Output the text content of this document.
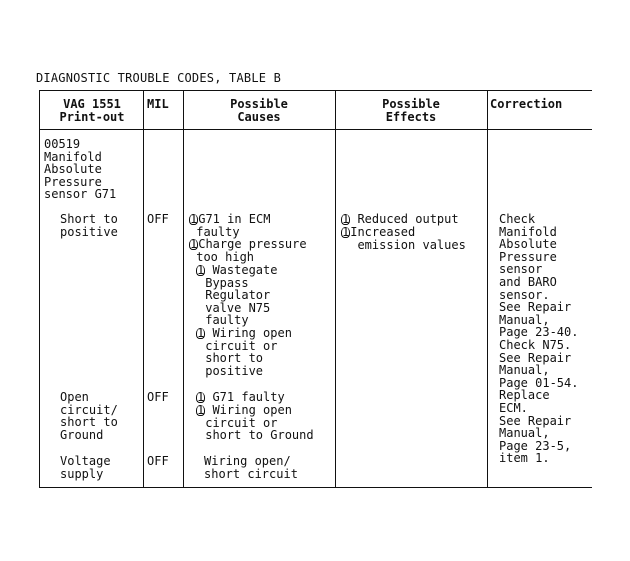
DIAGNOSTIC TROUBLE CODES, TABLE B
VAG 1551
Print-out
MIL	Possible
Causes
Possible
Effects
Correction
00519
Manifold
Absolute
Pressure
sensor G71
Short to
positive
OFF 1G71 in ECM
faulty
1Charge pressure
too high
1 Wastegate
Bypass
Regulator
valve N75
faulty
1 Wiring open
circuit or
short to
positive
1 Reduced output
1Increased
emission values
Check
Manifold
Absolute
Pressure
sensor
and BARO
sensor.
See Repair
Manual,
Page 23-40.
Check N75.
See Repair
Manual,
Page 01-54.
Replace
ECM.
See Repair
Manual,
Page 23-5,
item 1.
Open
circuit/
short to
Ground
OFF 1 G71 faulty
1 Wiring open
circuit or
short to Ground
Voltage
supply
OFF	Wiring open/
short circuit
